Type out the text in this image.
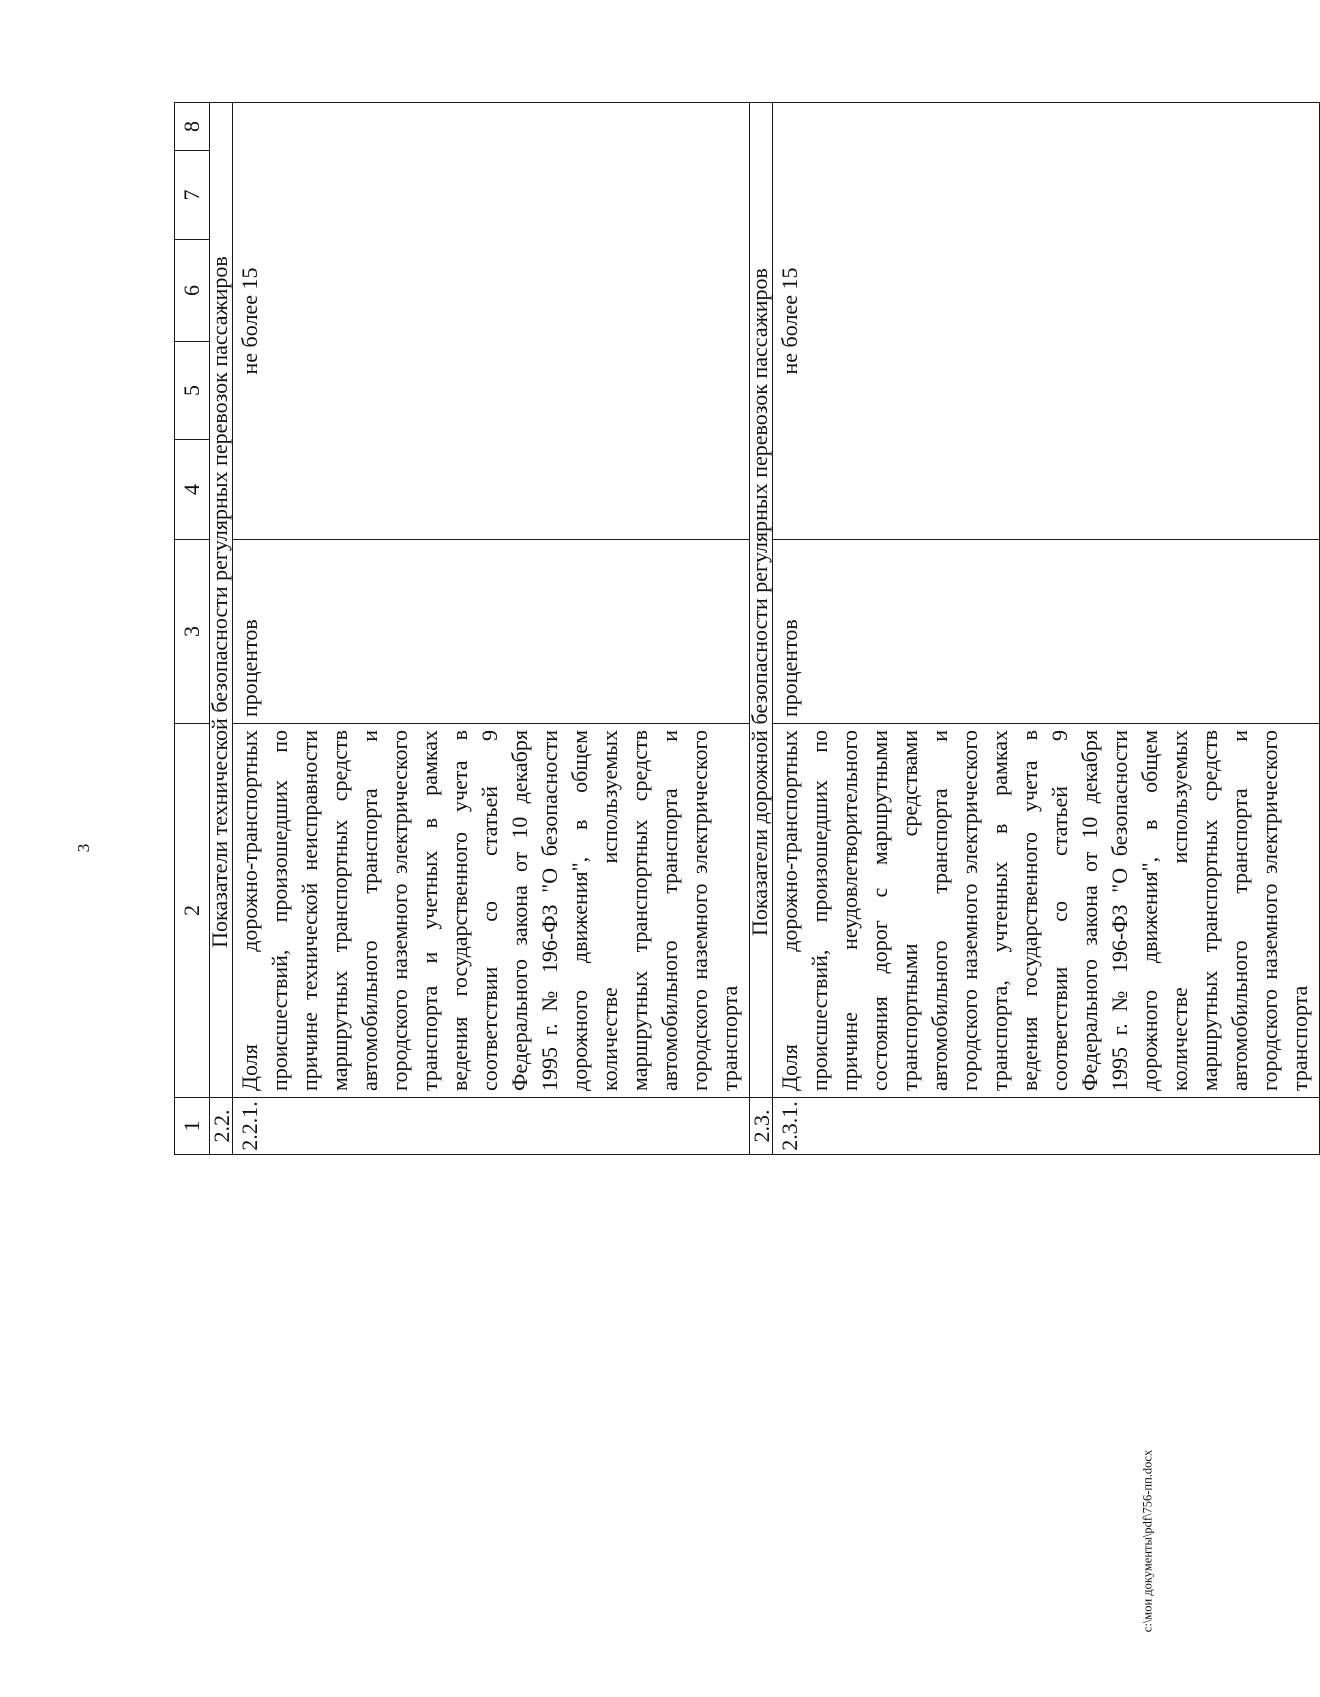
3
1	2	3	4	5	6	7	8
2.2.	Показатели технической безопасности регулярных перевозок пассажиров						
2.2.1.	Доля дорожно-транспортных происшествий, произошедших по причине технической неисправности маршрутных транспортных средств автомобильного транспорта и городского наземного электрического транспорта и учетных в рамках ведения государственного учета в соответствии со статьей 9 Федерального закона от 10 декабря 1995 г. № 196-ФЗ "О безопасности дорожного движения", в общем количестве используемых маршрутных транспортных средств автомобильного транспорта и городского наземного электрического транспорта	процентов	не более 15				
2.3.	Показатели дорожной безопасности регулярных перевозок пассажиров						
2.3.1.	Доля дорожно-транспортных происшествий, произошедших по причине неудовлетворительного состояния дорог с маршрутными транспортными средствами автомобильного транспорта и городского наземного электрического транспорта, учтенных в рамках ведения государственного учета в соответствии со статьей 9 Федерального закона от 10 декабря 1995 г. № 196-ФЗ "О безопасности дорожного движения", в общем количестве используемых маршрутных транспортных средств автомобильного транспорта и городского наземного электрического транспорта	процентов	не более 15				
c:\мои документы\pdf\756-пп.docx
